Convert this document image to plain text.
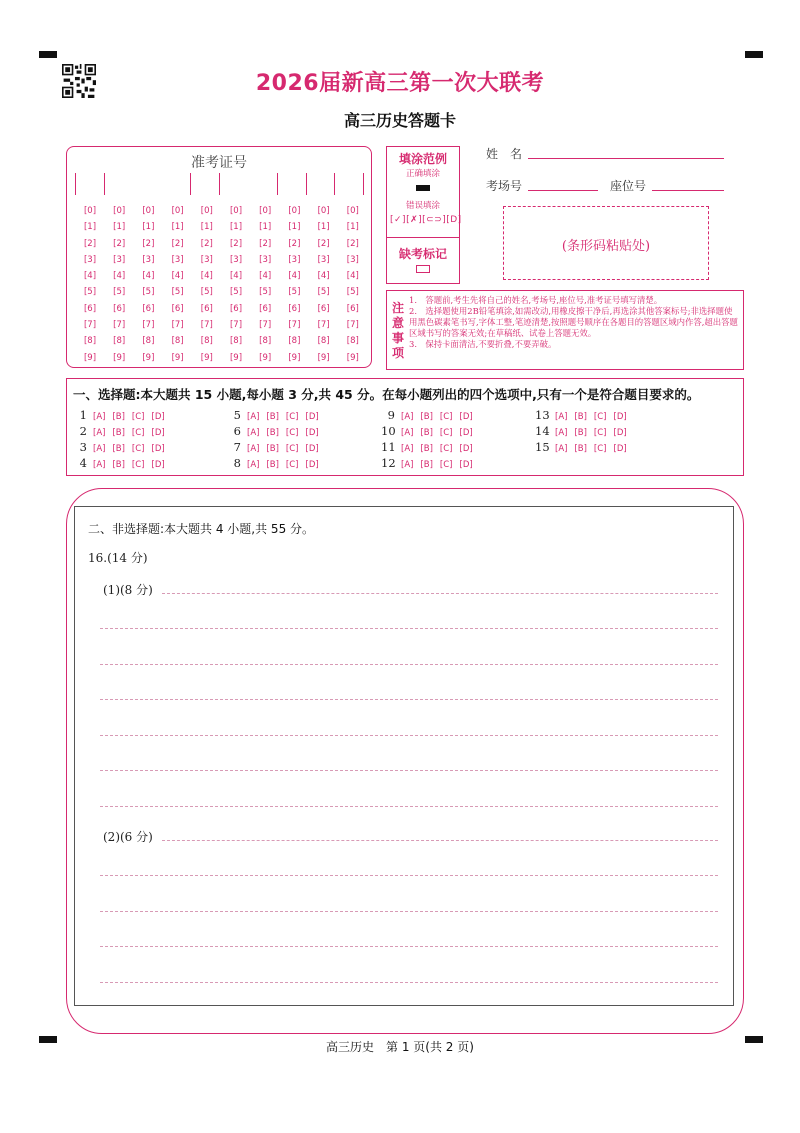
2026届新高三第一次大联考
高三历史答题卡
准考证号
[0]
[1]
[2]
[3]
[4]
[5]
[6]
[7]
[8]
[9]
[0]
[1]
[2]
[3]
[4]
[5]
[6]
[7]
[8]
[9]
[0]
[1]
[2]
[3]
[4]
[5]
[6]
[7]
[8]
[9]
[0]
[1]
[2]
[3]
[4]
[5]
[6]
[7]
[8]
[9]
[0]
[1]
[2]
[3]
[4]
[5]
[6]
[7]
[8]
[9]
[0]
[1]
[2]
[3]
[4]
[5]
[6]
[7]
[8]
[9]
[0]
[1]
[2]
[3]
[4]
[5]
[6]
[7]
[8]
[9]
[0]
[1]
[2]
[3]
[4]
[5]
[6]
[7]
[8]
[9]
[0]
[1]
[2]
[3]
[4]
[5]
[6]
[7]
[8]
[9]
[0]
[1]
[2]
[3]
[4]
[5]
[6]
[7]
[8]
[9]
填涂范例
正确填涂
错误填涂
[✓][✗][⊂⊃][D]
缺考标记
姓　名
考场号	座位号
(条形码粘贴处)
注意事项
1.　答题前,考生先将自己的姓名,考场号,座位号,准考证号填写清楚。
2.　选择题使用2B铅笔填涂,如需改动,用橡皮擦干净后,再选涂其他答案标号;非选择题使用黑色碳素笔书写,字体工整,笔迹清楚,按照题号顺序在各题目的答题区域内作答,超出答题区域书写的答案无效;在草稿纸、试卷上答题无效。
3.　保持卡面清洁,不要折叠,不要弄破。
一、选择题:本大题共 15 小题,每小题 3 分,共 45 分。在每小题列出的四个选项中,只有一个是符合题目要求的。
1 [A] [B] [C] [D]
2 [A] [B] [C] [D]
3 [A] [B] [C] [D]
4 [A] [B] [C] [D]
5 [A] [B] [C] [D]
6 [A] [B] [C] [D]
7 [A] [B] [C] [D]
8 [A] [B] [C] [D]
9 [A] [B] [C] [D]
10 [A] [B] [C] [D]
11 [A] [B] [C] [D]
12 [A] [B] [C] [D]
13 [A] [B] [C] [D]
14 [A] [B] [C] [D]
15 [A] [B] [C] [D]
二、非选择题:本大题共 4 小题,共 55 分。
16.(14 分)
(1)(8 分)
(2)(6 分)
高三历史　第 1 页(共 2 页)
